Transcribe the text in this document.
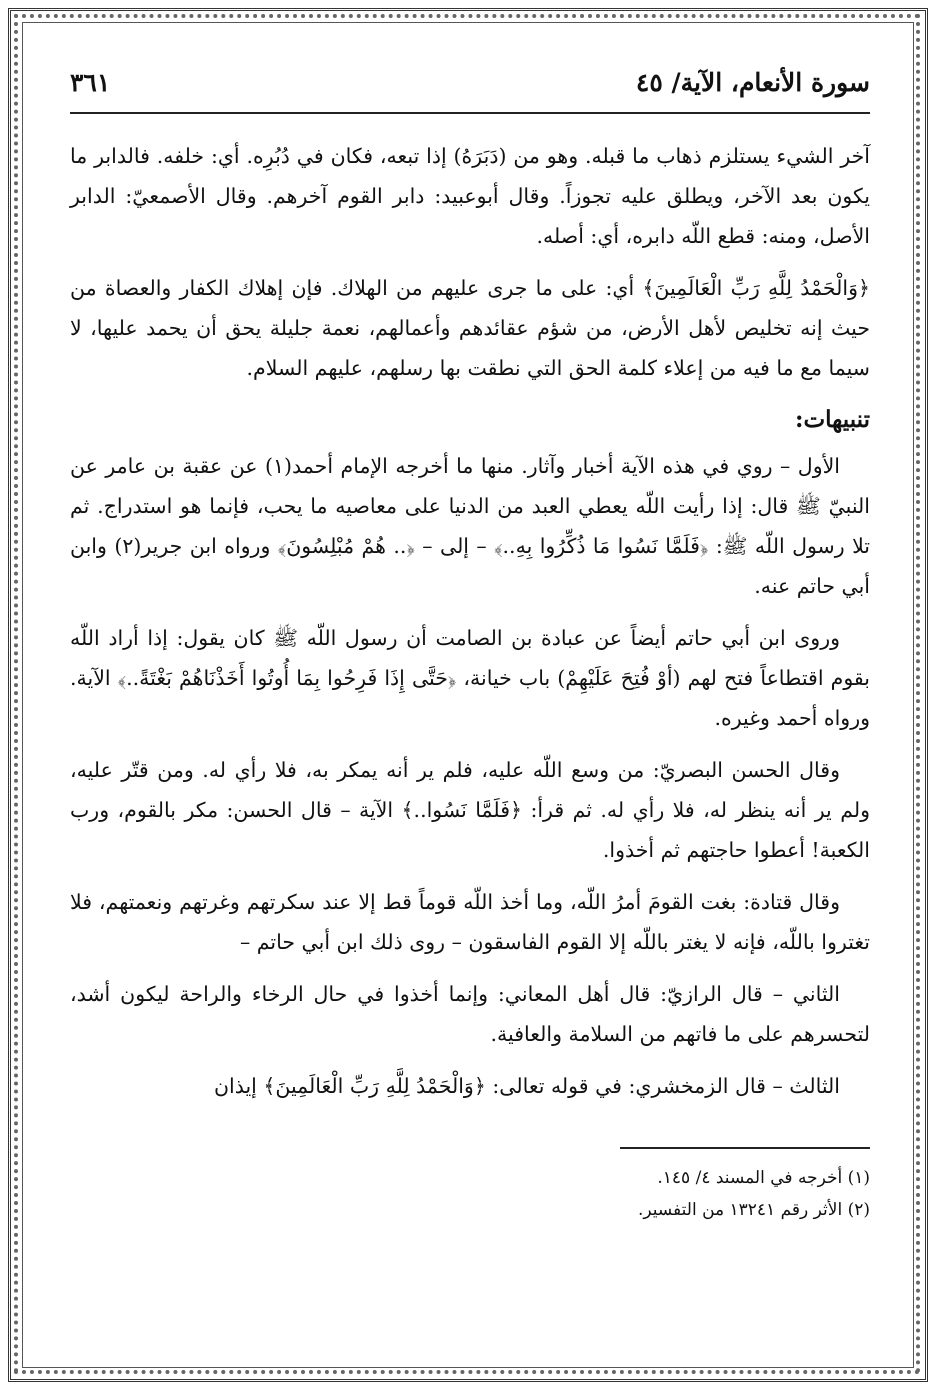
سورة الأنعام، الآية/ ٤٥
٣٦١

آخر الشيء يستلزم ذهاب ما قبله. وهو من (دَبَرَهُ) إذا تبعه، فكان في دُبُرِه. أي: خلفه. فالدابر ما يكون بعد الآخر، ويطلق عليه تجوزاً. وقال أبوعبيد: دابر القوم آخرهم. وقال الأصمعيّ: الدابر الأصل، ومنه: قطع اللّه دابره، أي: أصله.

﴿وَالْحَمْدُ لِلَّهِ رَبِّ الْعَالَمِينَ﴾ أي: على ما جرى عليهم من الهلاك. فإن إهلاك الكفار والعصاة من حيث إنه تخليص لأهل الأرض، من شؤم عقائدهم وأعمالهم، نعمة جليلة يحق أن يحمد عليها، لا سيما مع ما فيه من إعلاء كلمة الحق التي نطقت بها رسلهم، عليهم السلام.

تنبيهات:

الأول – روي في هذه الآية أخبار وآثار. منها ما أخرجه الإمام أحمد(١) عن عقبة بن عامر عن النبيّ ﷺ قال: إذا رأيت اللّه يعطي العبد من الدنيا على معاصيه ما يحب، فإنما هو استدراج. ثم تلا رسول اللّه ﷺ: ﴿فَلَمَّا نَسُوا مَا ذُكِّرُوا بِهِ..﴾ – إلى – ﴿.. هُمْ مُبْلِسُونَ﴾ ورواه ابن جرير(٢) وابن أبي حاتم عنه.

وروى ابن أبي حاتم أيضاً عن عبادة بن الصامت أن رسول اللّه ﷺ كان يقول: إذا أراد اللّه بقوم اقتطاعاً فتح لهم (أوْ فُتِحَ عَلَيْهِمْ) باب خيانة، ﴿حَتَّى إِذَا فَرِحُوا بِمَا أُوتُوا أَخَذْنَاهُمْ بَغْتَةً..﴾ الآية. ورواه أحمد وغيره.

وقال الحسن البصريّ: من وسع اللّه عليه، فلم ير أنه يمكر به، فلا رأي له. ومن قتّر عليه، ولم ير أنه ينظر له، فلا رأي له. ثم قرأ: ﴿فَلَمَّا نَسُوا..﴾ الآية – قال الحسن: مكر بالقوم، ورب الكعبة! أعطوا حاجتهم ثم أخذوا.

وقال قتادة: بغت القومَ أمرُ اللّه، وما أخذ اللّه قوماً قط إلا عند سكرتهم وغرتهم ونعمتهم، فلا تغتروا باللّه، فإنه لا يغتر باللّه إلا القوم الفاسقون – روى ذلك ابن أبي حاتم –

الثاني – قال الرازيّ: قال أهل المعاني: وإنما أخذوا في حال الرخاء والراحة ليكون أشد، لتحسرهم على ما فاتهم من السلامة والعافية.

الثالث – قال الزمخشري: في قوله تعالى: ﴿وَالْحَمْدُ لِلَّهِ رَبِّ الْعَالَمِينَ﴾ إيذان

(١) أخرجه في المسند ٤/ ١٤٥.

(٢) الأثر رقم ١٣٢٤١ من التفسير.
